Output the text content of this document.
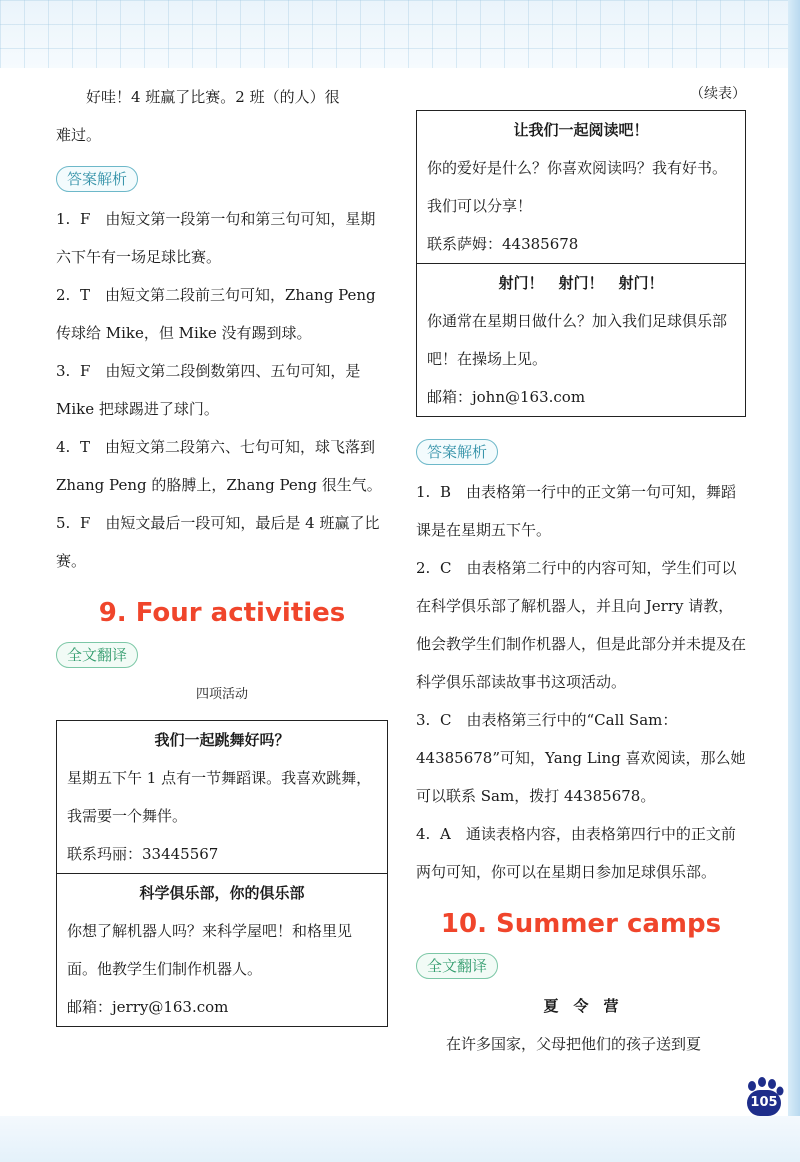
好哇！4 班赢了比赛。2 班（的人）很

难过。

答案解析

1. F　由短文第一段第一句和第三句可知，星期六下午有一场足球比赛。

2. T　由短文第二段前三句可知，Zhang Peng 传球给 Mike，但 Mike 没有踢到球。

3. F　由短文第二段倒数第四、五句可知，是 Mike 把球踢进了球门。

4. T　由短文第二段第六、七句可知，球飞落到 Zhang Peng 的胳膊上，Zhang Peng 很生气。

5. F　由短文最后一段可知，最后是 4 班赢了比赛。

9. Four activities
全文翻译

四项活动

我们一起跳舞好吗？

星期五下午 1 点有一节舞蹈课。我喜欢跳舞，我需要一个舞伴。

联系玛丽：33445567

科学俱乐部，你的俱乐部

你想了解机器人吗？来科学屋吧！和格里见面。他教学生们制作机器人。

邮箱：jerry@163.com

（续表）

让我们一起阅读吧！

你的爱好是什么？你喜欢阅读吗？我有好书。我们可以分享！

联系萨姆：44385678

射门！　射门！　射门！

你通常在星期日做什么？加入我们足球俱乐部吧！在操场上见。

邮箱：john@163.com

答案解析

1. B　由表格第一行中的正文第一句可知，舞蹈课是在星期五下午。

2. C　由表格第二行中的内容可知，学生们可以在科学俱乐部了解机器人，并且向 Jerry 请教，他会教学生们制作机器人，但是此部分并未提及在科学俱乐部读故事书这项活动。

3. C　由表格第三行中的“Call Sam：44385678”可知，Yang Ling 喜欢阅读，那么她可以联系 Sam，拨打 44385678。

4. A　通读表格内容，由表格第四行中的正文前两句可知，你可以在星期日参加足球俱乐部。

10. Summer camps
全文翻译

夏　令　营

在许多国家，父母把他们的孩子送到夏

105
